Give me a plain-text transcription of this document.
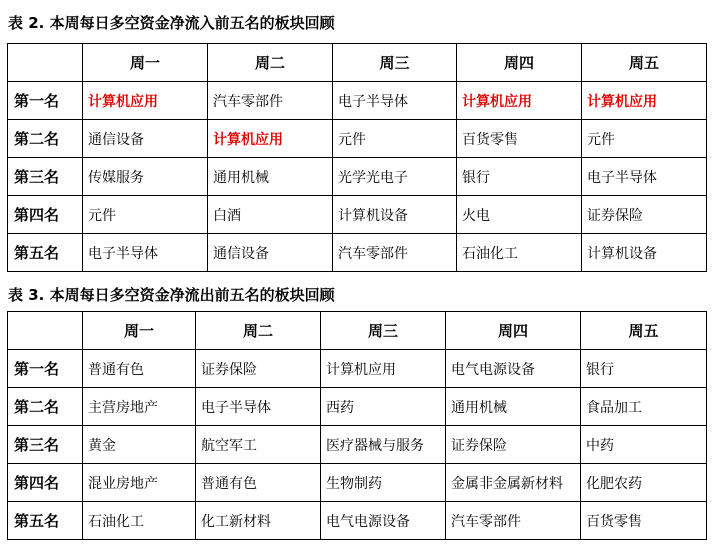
表 2. 本周每日多空资金净流入前五名的板块回顾
	周一	周二	周三	周四	周五
第一名	计算机应用	汽车零部件	电子半导体	计算机应用	计算机应用
第二名	通信设备	计算机应用	元件	百货零售	元件
第三名	传媒服务	通用机械	光学光电子	银行	电子半导体
第四名	元件	白酒	计算机设备	火电	证券保险
第五名	电子半导体	通信设备	汽车零部件	石油化工	计算机设备
表 3. 本周每日多空资金净流出前五名的板块回顾
	周一	周二	周三	周四	周五
第一名	普通有色	证券保险	计算机应用	电气电源设备	银行
第二名	主营房地产	电子半导体	西药	通用机械	食品加工
第三名	黄金	航空军工	医疗器械与服务	证券保险	中药
第四名	混业房地产	普通有色	生物制药	金属非金属新材料	化肥农药
第五名	石油化工	化工新材料	电气电源设备	汽车零部件	百货零售
